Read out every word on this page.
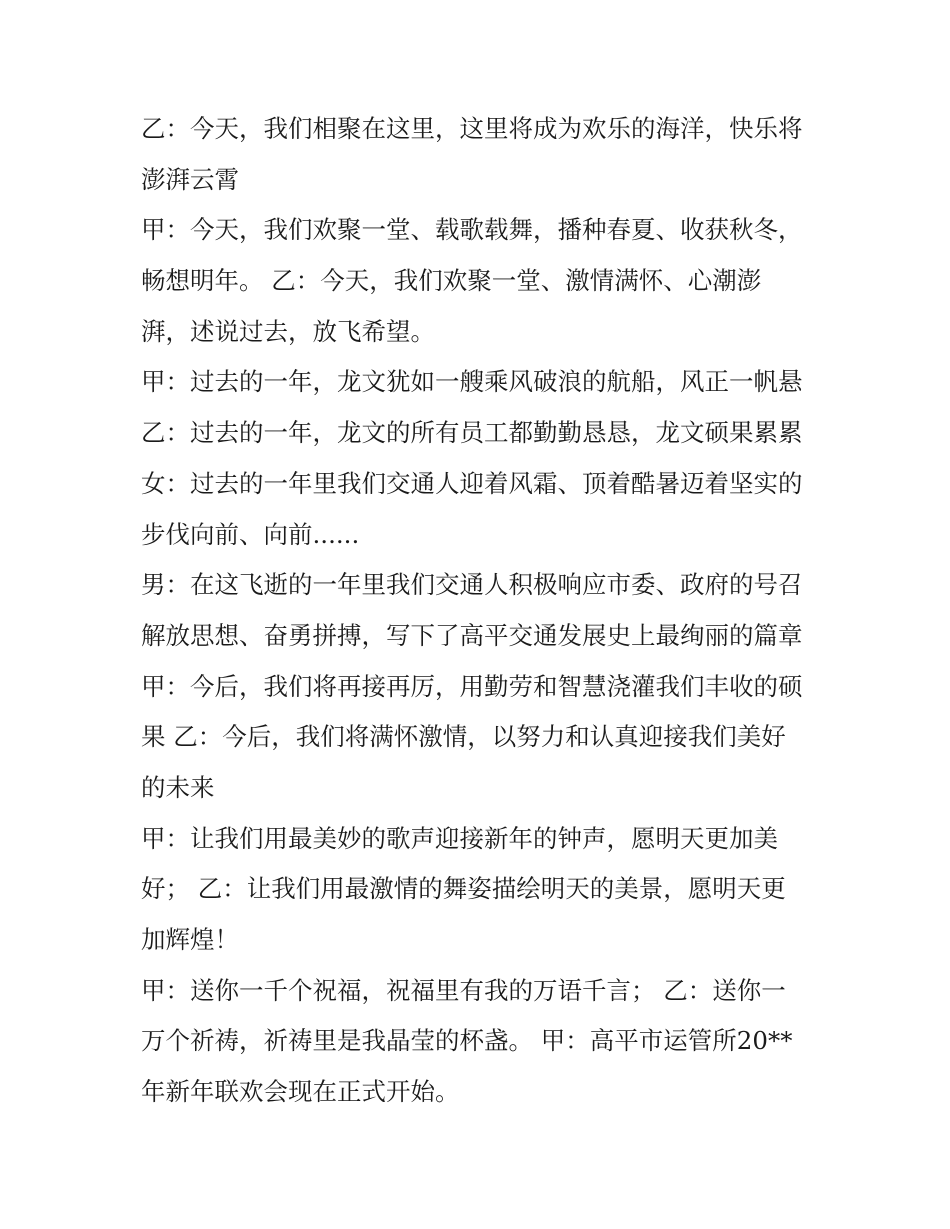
乙：今天，我们相聚在这里，这里将成为欢乐的海洋，快乐将
澎湃云霄
甲：今天，我们欢聚一堂、载歌载舞，播种春夏、收获秋冬，
畅想明年。 乙：今天，我们欢聚一堂、激情满怀、心潮澎
湃，述说过去，放飞希望。
甲：过去的一年，龙文犹如一艘乘风破浪的航船，风正一帆悬
乙：过去的一年，龙文的所有员工都勤勤恳恳，龙文硕果累累
女：过去的一年里我们交通人迎着风霜、顶着酷暑迈着坚实的
步伐向前、向前......
男：在这飞逝的一年里我们交通人积极响应市委、政府的号召
解放思想、奋勇拼搏，写下了高平交通发展史上最绚丽的篇章
甲：今后，我们将再接再厉，用勤劳和智慧浇灌我们丰收的硕
果 乙：今后，我们将满怀激情，以努力和认真迎接我们美好
的未来
甲：让我们用最美妙的歌声迎接新年的钟声，愿明天更加美
好； 乙：让我们用最激情的舞姿描绘明天的美景，愿明天更
加辉煌！
甲：送你一千个祝福，祝福里有我的万语千言； 乙：送你一
万个祈祷，祈祷里是我晶莹的杯盏。 甲：高平市运管所20**
年新年联欢会现在正式开始。
